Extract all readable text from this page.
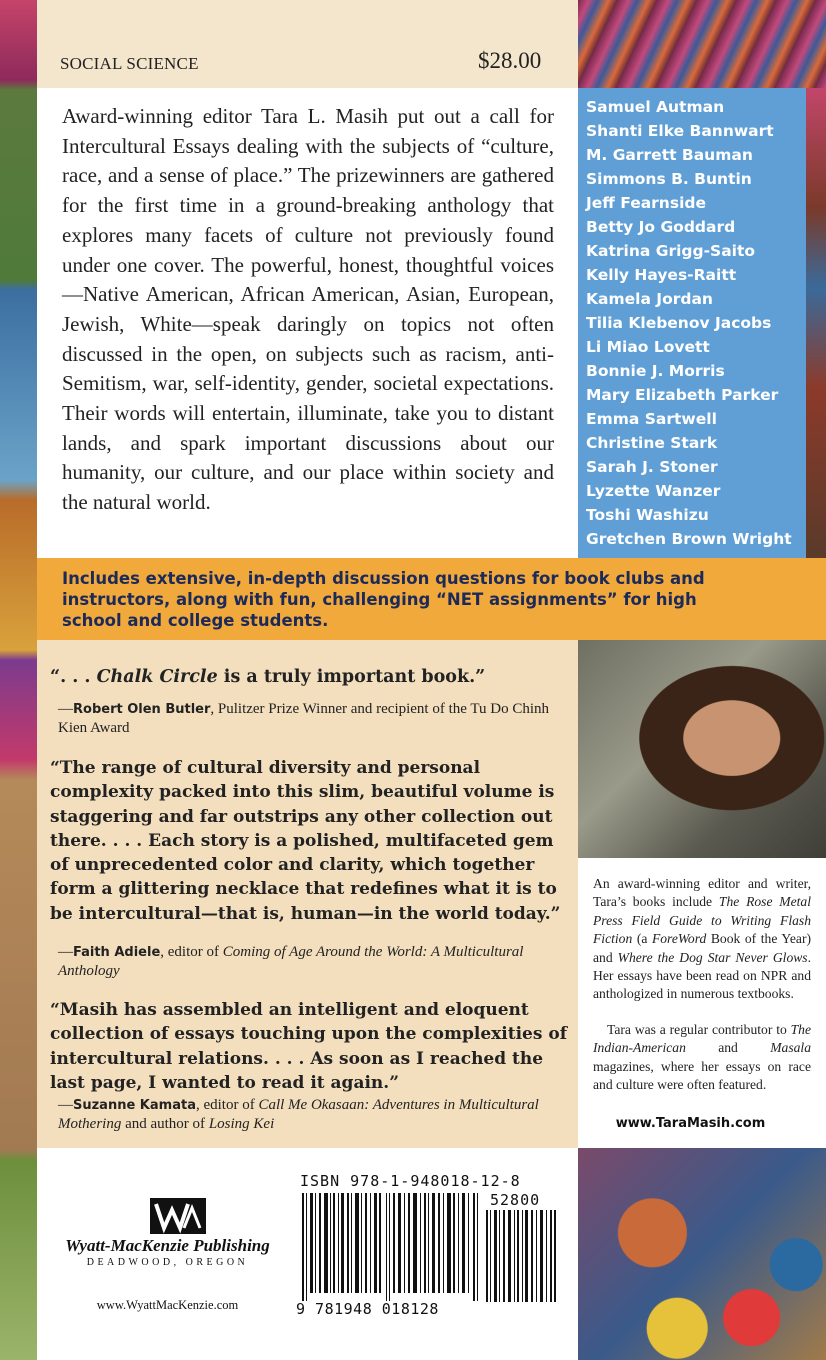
SOCIAL SCIENCE	$28.00

Award-winning editor Tara L. Masih put out a call for Intercultural Essays dealing with the subjects of “culture, race, and a sense of place.” The prizewinners are gathered for the first time in a ground-breaking anthology that explores many facets of culture not previously found under one cover. The powerful, honest, thoughtful voices—Native American, African American, Asian, European, Jewish, White—speak daringly on topics not often discussed in the open, on subjects such as racism, anti-Semitism, war, self-identity, gender, societal expectations. Their words will entertain, illuminate, take you to distant lands, and spark important discussions about our humanity, our culture, and our place within society and the natural world.

Samuel Autman
Shanti Elke Bannwart
M. Garrett Bauman
Simmons B. Buntin
Jeff Fearnside
Betty Jo Goddard
Katrina Grigg-Saito
Kelly Hayes-Raitt
Kamela Jordan
Tilia Klebenov Jacobs
Li Miao Lovett
Bonnie J. Morris
Mary Elizabeth Parker
Emma Sartwell
Christine Stark
Sarah J. Stoner
Lyzette Wanzer
Toshi Washizu
Gretchen Brown Wright

Includes extensive, in-depth discussion questions for book clubs and instructors, along with fun, challenging “NET assignments” for high school and college students.

“. . . Chalk Circle is a truly important book.”

—Robert Olen Butler, Pulitzer Prize Winner and recipient of the Tu Do Chinh Kien Award

“The range of cultural diversity and personal complexity packed into this slim, beautiful volume is staggering and far outstrips any other collection out there. . . . Each story is a polished, multifaceted gem of unprecedented color and clarity, which together form a glittering necklace that redefines what it is to be intercultural—that is, human—in the world today.”

—Faith Adiele, editor of Coming of Age Around the World: A Multicultural Anthology

“Masih has assembled an intelligent and eloquent collection of essays touching upon the complexities of intercultural relations. . . . As soon as I reached the last page, I wanted to read it again.”

—Suzanne Kamata, editor of Call Me Okasaan: Adventures in Multicultural Mothering and author of Losing Kei

An award-winning editor and writer, Tara’s books include The Rose Metal Press Field Guide to Writing Flash Fiction (a ForeWord Book of the Year) and Where the Dog Star Never Glows. Her essays have been read on NPR and anthologized in numerous textbooks.

Tara was a regular contributor to The Indian-American and Masala magazines, where her essays on race and culture were often featured.

www.TaraMasih.com
Wyatt-MacKenzie Publishing
DEADWOOD, OREGON
www.WyattMacKenzie.com
ISBN 978-1-948018-12-8
52800
9 781948 018128
